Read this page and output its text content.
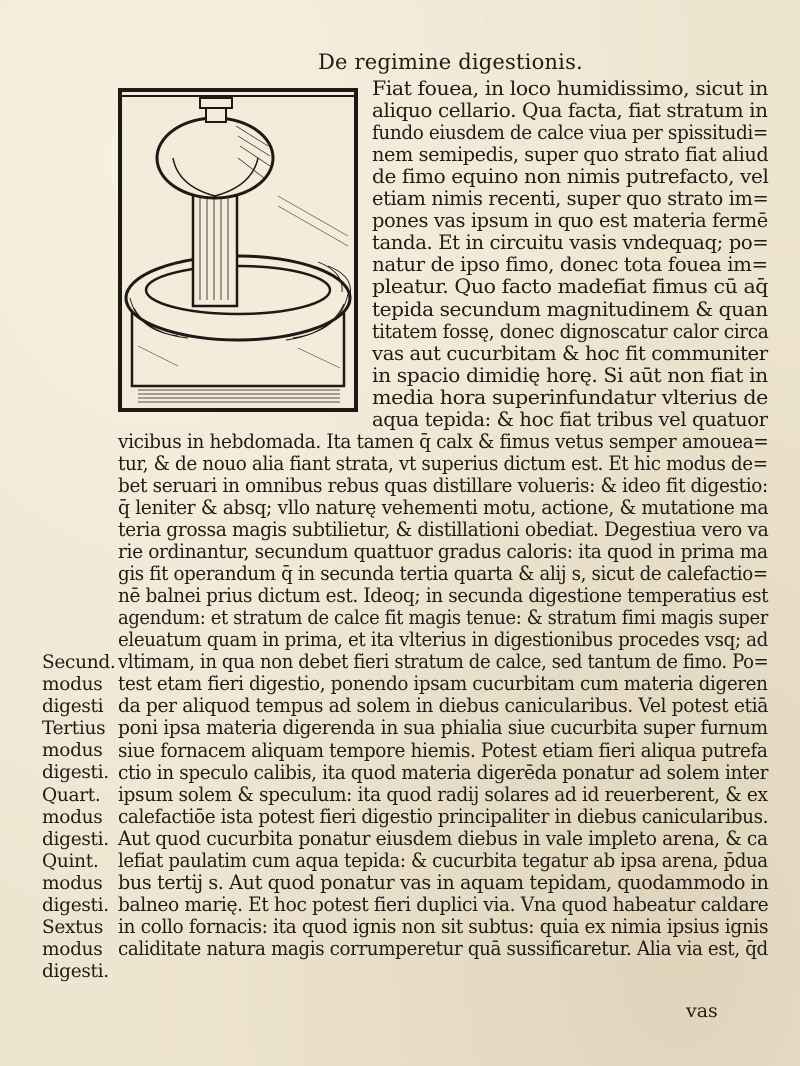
De regimine digestionis.
Fiat fouea, in loco humidissimo, sicut in
aliquo cellario. Qua facta, fiat stratum in
fundo eiusdem de calce viua per spissitudi=
nem semipedis, super quo strato fiat aliud
de fimo equino non nimis putrefacto, vel
etiam nimis recenti, super quo strato im=
pones vas ipsum in quo est materia fermē
tanda. Et in circuitu vasis vndequaq; po=
natur de ipso fimo, donec tota fouea im=
pleatur. Quo facto madefiat fimus cū aq̄
tepida secundum magnitudinem & quan
titatem fossę, donec dignoscatur calor circa
vas aut cucurbitam & hoc fit communiter
in spacio dimidię horę. Si aūt non fiat in
media hora superinfundatur vlterius de
aqua tepida: & hoc fiat tribus vel quatuor
vicibus in hebdomada. Ita tamen q̄ calx & fimus vetus semper amouea=
tur, & de nouo alia fiant strata, vt superius dictum est. Et hic modus de=
bet seruari in omnibus rebus quas distillare volueris: & ideo fit digestio:
q̄ leniter & absq; vllo naturę vehementi motu, actione, & mutatione ma
teria grossa magis subtilietur, & distillationi obediat. Degestiua vero va
rie ordinantur, secundum quattuor gradus caloris: ita quod in prima ma
gis fit operandum q̄ in secunda tertia quarta & alij s, sicut de calefactio=
nē balnei prius dictum est. Ideoq; in secunda digestione temperatius est
agendum: et stratum de calce fit magis tenue: & stratum fimi magis super
eleuatum quam in prima, et ita vlterius in digestionibus procedes vsq; ad
vltimam, in qua non debet fieri stratum de calce, sed tantum de fimo. Po=
test etam fieri digestio, ponendo ipsam cucurbitam cum materia digeren
da per aliquod tempus ad solem in diebus canicularibus. Vel potest etiā
poni ipsa materia digerenda in sua phialia siue cucurbita super furnum
siue fornacem aliquam tempore hiemis. Potest etiam fieri aliqua putrefa
ctio in speculo calibis, ita quod materia digerēda ponatur ad solem inter
ipsum solem & speculum: ita quod radij solares ad id reuerberent, & ex
calefactiōe ista potest fieri digestio principaliter in diebus canicularibus.
Aut quod cucurbita ponatur eiusdem diebus in vale impleto arena, & ca
lefiat paulatim cum aqua tepida: & cucurbita tegatur ab ipsa arena, p̄dua
bus tertij s. Aut quod ponatur vas in aquam tepidam, quodammodo in
balneo marię. Et hoc potest fieri duplici via. Vna quod habeatur caldare
in collo fornacis: ita quod ignis non sit subtus: quia ex nimia ipsius ignis
caliditate natura magis corrumperetur quā sussificaretur. Alia via est, q̄d
Secund.
modus
digesti
Tertius
modus
digesti.
Quart.
modus
digesti.
Quint.
modus
digesti.
Sextus
modus
digesti.
vas
